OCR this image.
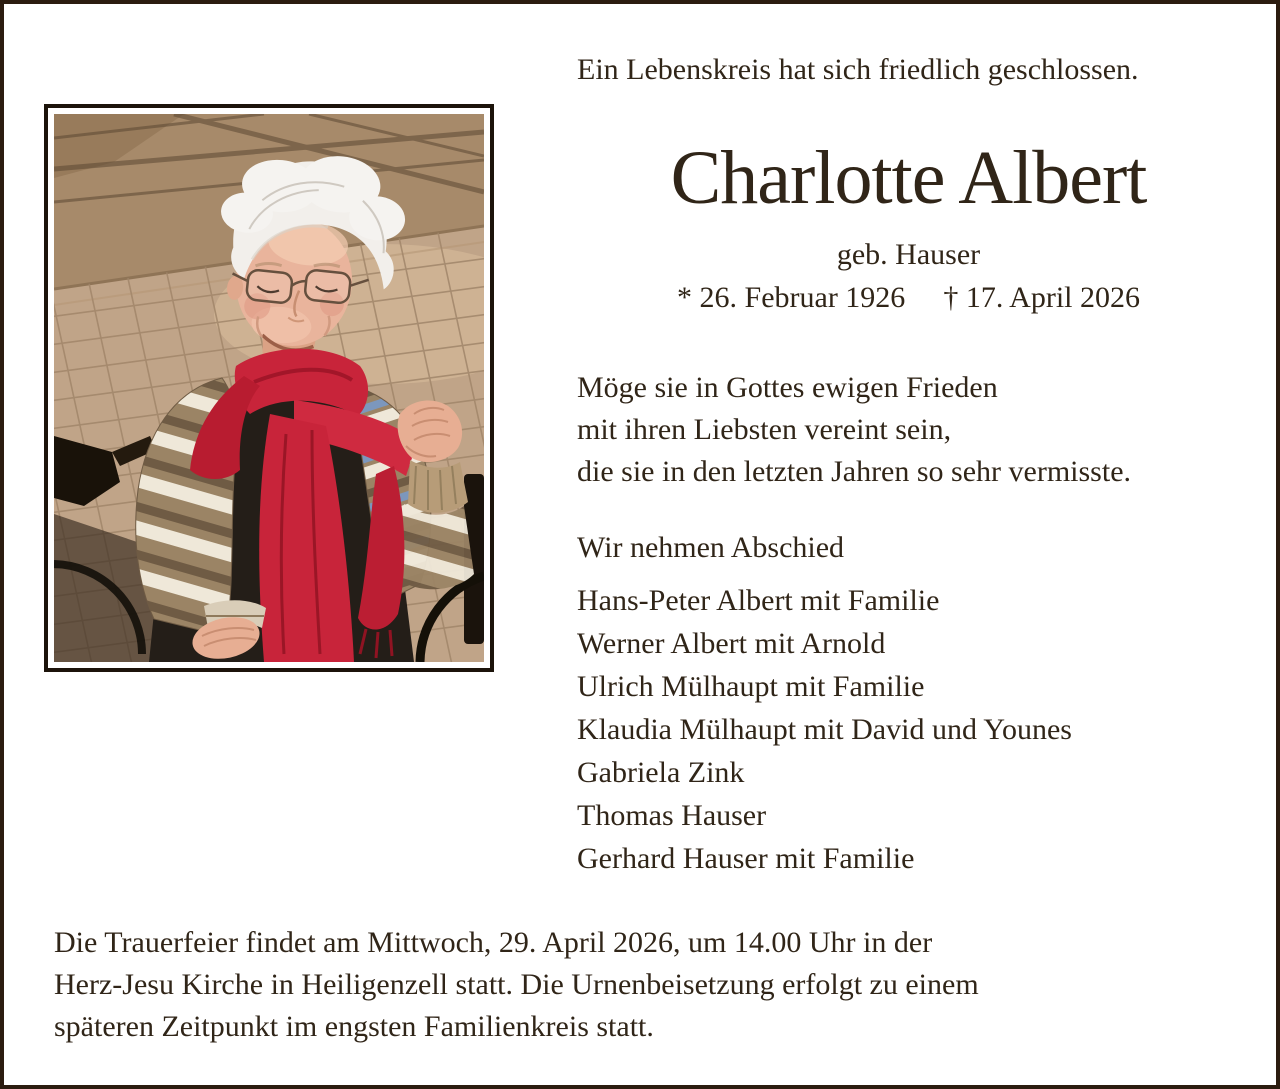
Ein Lebenskreis hat sich friedlich geschlossen.
Charlotte Albert
geb. Hauser
* 26. Februar 1926 † 17. April 2026
Möge sie in Gottes ewigen Frieden
mit ihren Liebsten vereint sein,
die sie in den letzten Jahren so sehr vermisste.
Wir nehmen Abschied
Hans-Peter Albert mit Familie
Werner Albert mit Arnold
Ulrich Mülhaupt mit Familie
Klaudia Mülhaupt mit David und Younes
Gabriela Zink
Thomas Hauser
Gerhard Hauser mit Familie
Die Trauerfeier findet am Mittwoch, 29. April 2026, um 14.00 Uhr in der
Herz-Jesu Kirche in Heiligenzell statt. Die Urnenbeisetzung erfolgt zu einem
späteren Zeitpunkt im engsten Familienkreis statt.
